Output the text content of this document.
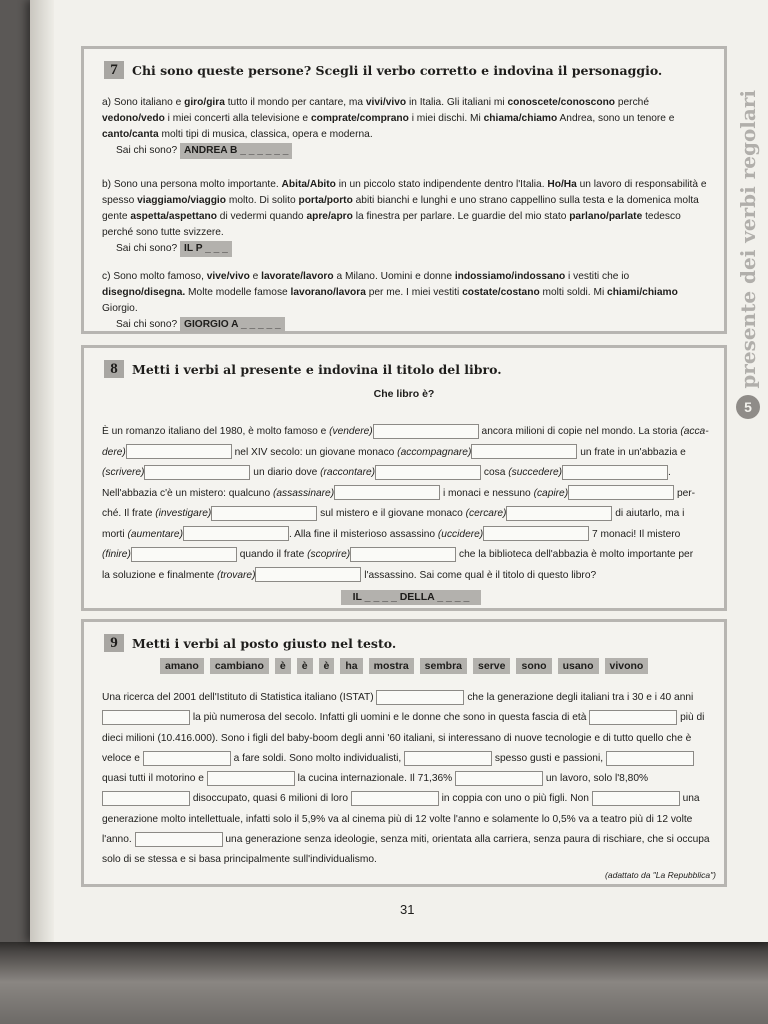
7	Chi sono queste persone? Scegli il verbo corretto e indovina il personaggio.
a) Sono italiano e giro/gira tutto il mondo per cantare, ma vivi/vivo in Italia. Gli italiani mi conoscete/conoscono perché vedono/vedo i miei concerti alla televisione e comprate/comprano i miei dischi. Mi chiama/chiamo Andrea, sono un tenore e canto/canta molti tipi di musica, classica, opera e moderna.
Sai chi sono? ANDREA B _ _ _ _ _ _
b) Sono una persona molto importante. Abita/Abito in un piccolo stato indipendente dentro l'Italia. Ho/Ha un lavoro di responsabilità e spesso viaggiamo/viaggio molto. Di solito porta/porto abiti bianchi e lunghi e uno strano cappellino sulla testa e la domenica molta gente aspetta/aspettano di vedermi quando apre/apro la finestra per parlare. Le guardie del mio stato parlano/parlate tedesco perché sono tutte svizzere.
Sai chi sono? IL P _ _ _
c) Sono molto famoso, vive/vivo e lavorate/lavoro a Milano. Uomini e donne indossiamo/indossano i vestiti che io disegno/disegna. Molte modelle famose lavorano/lavora per me. I miei vestiti costate/costano molti soldi. Mi chiami/chiamo Giorgio.
Sai chi sono? GIORGIO A _ _ _ _ _
8	Metti i verbi al presente e indovina il titolo del libro.
Che libro è?
È un romanzo italiano del 1980, è molto famoso e (vendere)	ancora milioni di copie nel mondo. La storia (acca-
dere)	nel XIV secolo: un giovane monaco (accompagnare)	un frate in un'abbazia e
(scrivere)	un diario dove (raccontare)	cosa (succedere)	.
Nell'abbazia c'è un mistero: qualcuno (assassinare)	i monaci e nessuno (capire)	per-
ché. Il frate (investigare)	sul mistero e il giovane monaco (cercare)	di aiutarlo, ma i
morti (aumentare)	. Alla fine il misterioso assassino (uccidere)	7 monaci! Il mistero
(finire)	quando il frate (scoprire)	che la biblioteca dell'abbazia è molto importante per
la soluzione e finalmente (trovare)	l'assassino. Sai come qual è il titolo di questo libro?
IL _ _ _ _ DELLA _ _ _ _
9	Metti i verbi al posto giusto nel testo.
amano	cambiano	è	è	è	ha	mostra	sembra	serve	sono	usano	vivono
Una ricerca del 2001 dell'Istituto di Statistica italiano (ISTAT)	che la generazione degli italiani tra i 30 e i 40 anni
la più numerosa del secolo. Infatti gli uomini e le donne che sono in questa fascia di età	più di
dieci milioni (10.416.000). Sono i figli del baby-boom degli anni '60 italiani, si interessano di nuove tecnologie e di tutto quello che è
veloce e	a fare soldi. Sono molto individualisti,	spesso gusti e passioni,
quasi tutti il motorino e	la cucina internazionale. Il 71,36%	un lavoro, solo l'8,80%
disoccupato, quasi 6 milioni di loro	in coppia con uno o più figli. Non	una
generazione molto intellettuale, infatti solo il 5,9% va al cinema più di 12 volte l'anno e solamente lo 0,5% va a teatro più di 12 volte
l'anno.	una generazione senza ideologie, senza miti, orientata alla carriera, senza paura di rischiare, che si occupa
solo di se stessa e si basa principalmente sull'individualismo.
(adattato da "La Repubblica")
31
presente dei verbi regolari
5
